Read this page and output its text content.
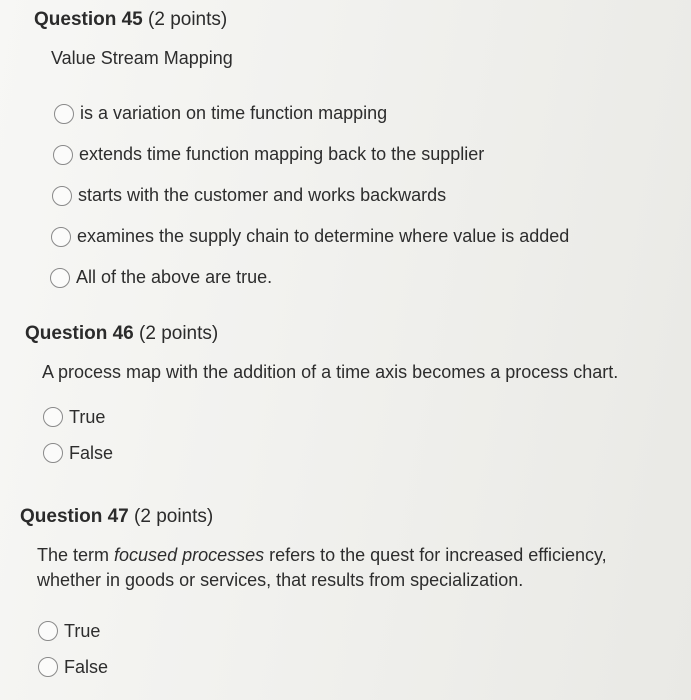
Question 45 (2 points)
Value Stream Mapping
is a variation on time function mapping
extends time function mapping back to the supplier
starts with the customer and works backwards
examines the supply chain to determine where value is added
All of the above are true.
Question 46 (2 points)
A process map with the addition of a time axis becomes a process chart.
True
False
Question 47 (2 points)
The term focused processes refers to the quest for increased efficiency, whether in goods or services, that results from specialization.
True
False
